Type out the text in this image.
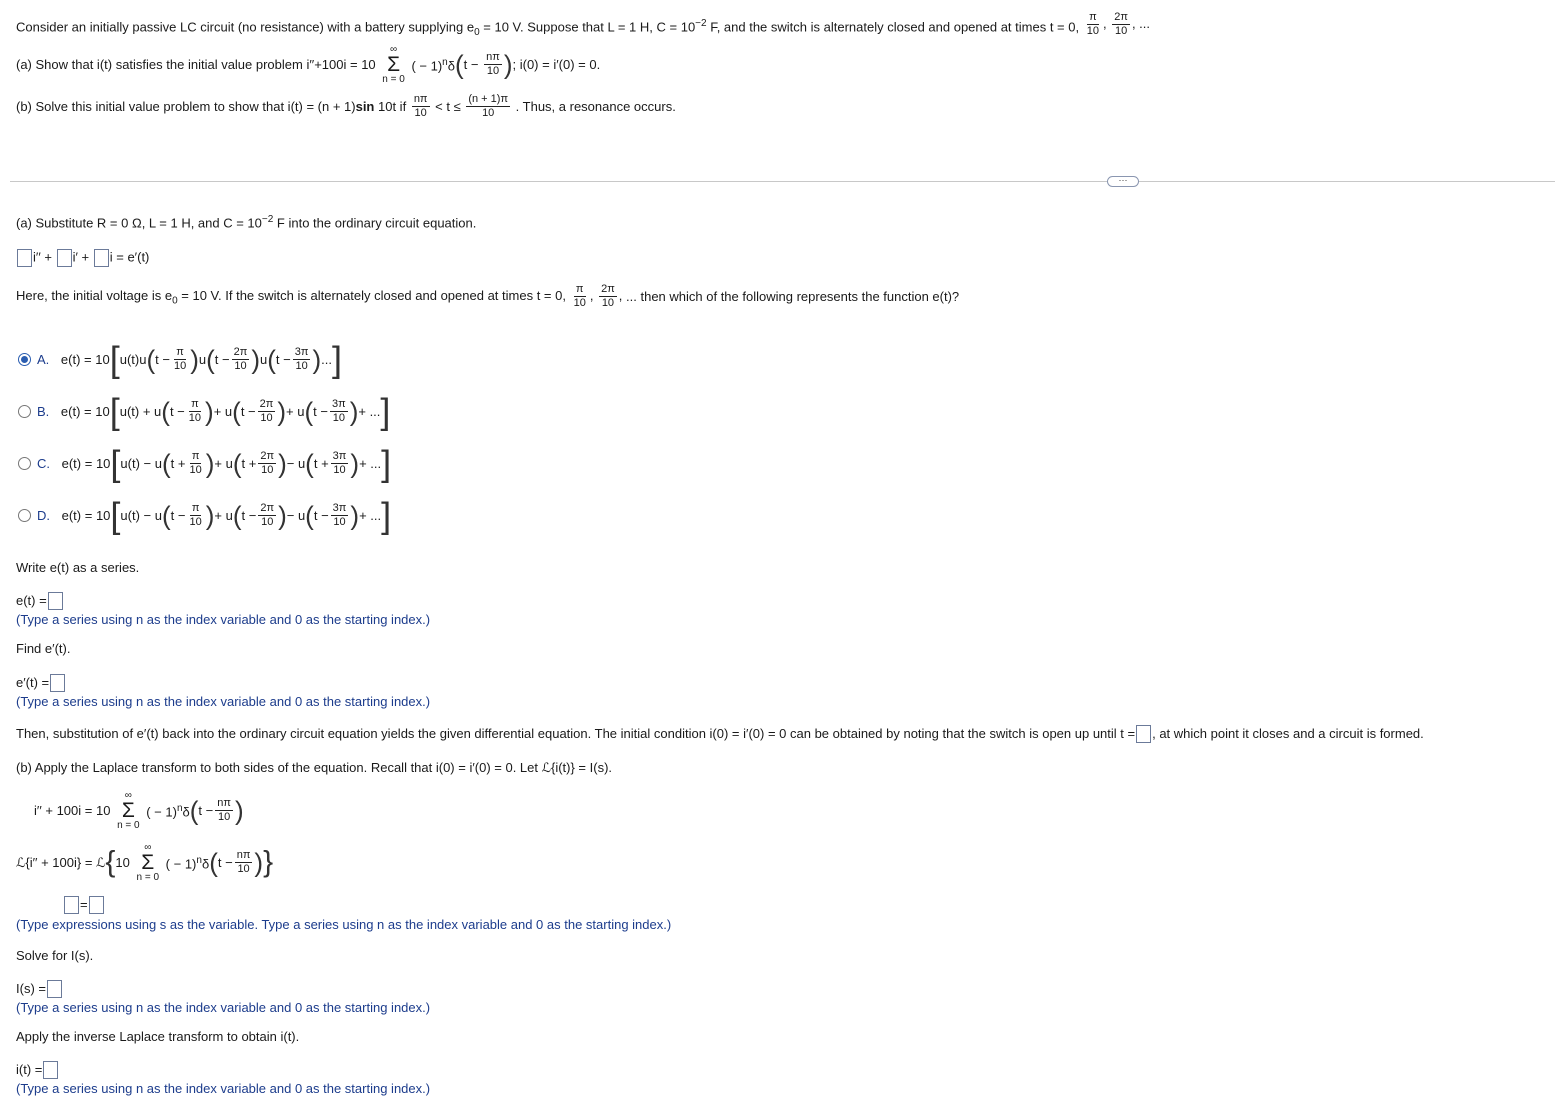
Consider an initially passive LC circuit (no resistance) with a battery supplying $e_0 = 10$ V. Suppose that L = 1 H, $C = 10^{-2}$ F, and the switch is alternately closed and opened at times t = 0, $\frac{\pi}{10}$ , $\frac{2\pi}{10}$ , ...
(a) Show that i(t) satisfies the initial value problem i′′+100i = 10
∞
Σ
n = 0
( − $1)^n\delta(t - \frac{n\pi}{10}$ ); i(0) = i′(0) = 0.
(b) Solve this initial value problem to show that i(t) = (n + 1)sin 10t if $\frac{n\pi}{10} < t \le \frac{(n + 1)\pi}{10}$ . Thus, a resonance occurs.
···
(a) Substitute R = 0 Ω, L = 1 H, and $C = 10^{-2}$ F into the ordinary circuit equation.
i′′ + i′ + i = e′(t)
Here, the initial voltage is $e_0 = 10$ V. If the switch is alternately closed and opened at times t = 0, $\frac{\pi}{10}$ , $\frac{2\pi}{10}$ , ... then which of the following represents the function e(t)?
A. $e(t) = 10[u(t)u(t - \frac{\pi}{10} )u(t - \frac{2\pi}{10} )u(t - \frac{3\pi}{10}$ )...]
B. $e(t) = 10[u(t) + u(t - \frac{\pi}{10}$ )+ $u(t - \frac{2\pi}{10}$ )+ $u(t - \frac{3\pi}{10}$ )+ ...]
C. $e(t) = 10[u(t) - u(t + \frac{\pi}{10}$ )+ $u(t + \frac{2\pi}{10}$ )− $u(t + \frac{3\pi}{10}$ )+ ...]
D. $e(t) = 10[u(t) - u(t - \frac{\pi}{10}$ )+ $u(t - \frac{2\pi}{10}$ )− $u(t - \frac{3\pi}{10}$ )+ ...]
Write e(t) as a series.
e(t) =
(Type a series using n as the index variable and 0 as the starting index.)
Find e′(t).
e′(t) =
(Type a series using n as the index variable and 0 as the starting index.)
Then, substitution of e′(t) back into the ordinary circuit equation yields the given differential equation. The initial condition i(0) = i′(0) = 0 can be obtained by noting that the switch is open up until t = , at which point it closes and a circuit is formed.
(b) Apply the Laplace transform to both sides of the equation. Recall that i(0) = i′(0) = 0. Let ℒ{i(t)} = I(s).
i′′ + 100i = 10
∞
Σ
n = 0
( − $1)^n\delta(t - \frac{n\pi}{10}$ )
ℒ{i′′ + 100i} = ℒ{10
∞
Σ
n = 0
( − $1)^n\delta(t - \frac{n\pi}{10}$ )}
=
(Type expressions using s as the variable. Type a series using n as the index variable and 0 as the starting index.)
Solve for I(s).
I(s) =
(Type a series using n as the index variable and 0 as the starting index.)
Apply the inverse Laplace transform to obtain i(t).
i(t) =
(Type a series using n as the index variable and 0 as the starting index.)
